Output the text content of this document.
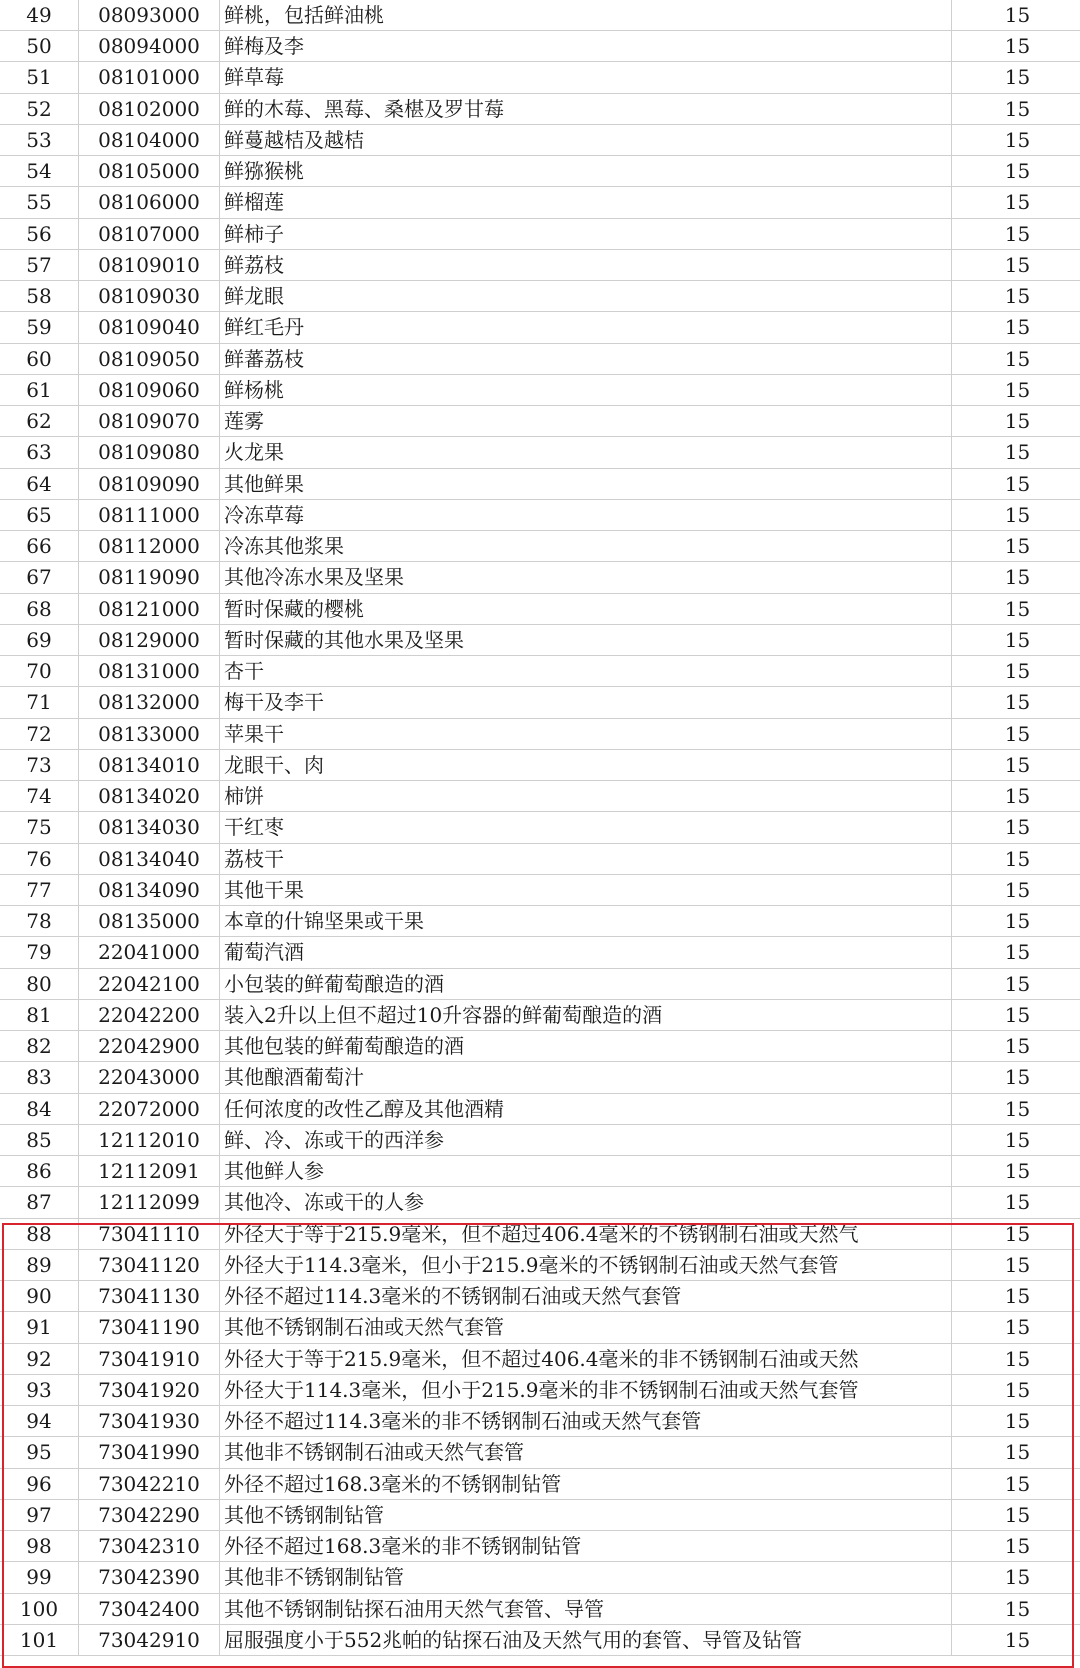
49	08093000	鲜桃，包括鲜油桃	15
50	08094000	鲜梅及李	15
51	08101000	鲜草莓	15
52	08102000	鲜的木莓、黑莓、桑椹及罗甘莓	15
53	08104000	鲜蔓越桔及越桔	15
54	08105000	鲜猕猴桃	15
55	08106000	鲜榴莲	15
56	08107000	鲜柿子	15
57	08109010	鲜荔枝	15
58	08109030	鲜龙眼	15
59	08109040	鲜红毛丹	15
60	08109050	鲜蕃荔枝	15
61	08109060	鲜杨桃	15
62	08109070	莲雾	15
63	08109080	火龙果	15
64	08109090	其他鲜果	15
65	08111000	冷冻草莓	15
66	08112000	冷冻其他浆果	15
67	08119090	其他冷冻水果及坚果	15
68	08121000	暂时保藏的樱桃	15
69	08129000	暂时保藏的其他水果及坚果	15
70	08131000	杏干	15
71	08132000	梅干及李干	15
72	08133000	苹果干	15
73	08134010	龙眼干、肉	15
74	08134020	柿饼	15
75	08134030	干红枣	15
76	08134040	荔枝干	15
77	08134090	其他干果	15
78	08135000	本章的什锦坚果或干果	15
79	22041000	葡萄汽酒	15
80	22042100	小包装的鲜葡萄酿造的酒	15
81	22042200	装入2升以上但不超过10升容器的鲜葡萄酿造的酒	15
82	22042900	其他包装的鲜葡萄酿造的酒	15
83	22043000	其他酿酒葡萄汁	15
84	22072000	任何浓度的改性乙醇及其他酒精	15
85	12112010	鲜、冷、冻或干的西洋参	15
86	12112091	其他鲜人参	15
87	12112099	其他冷、冻或干的人参	15
88	73041110	外径大于等于215.9毫米，但不超过406.4毫米的不锈钢制石油或天然气	15
89	73041120	外径大于114.3毫米，但小于215.9毫米的不锈钢制石油或天然气套管	15
90	73041130	外径不超过114.3毫米的不锈钢制石油或天然气套管	15
91	73041190	其他不锈钢制石油或天然气套管	15
92	73041910	外径大于等于215.9毫米，但不超过406.4毫米的非不锈钢制石油或天然	15
93	73041920	外径大于114.3毫米，但小于215.9毫米的非不锈钢制石油或天然气套管	15
94	73041930	外径不超过114.3毫米的非不锈钢制石油或天然气套管	15
95	73041990	其他非不锈钢制石油或天然气套管	15
96	73042210	外径不超过168.3毫米的不锈钢制钻管	15
97	73042290	其他不锈钢制钻管	15
98	73042310	外径不超过168.3毫米的非不锈钢制钻管	15
99	73042390	其他非不锈钢制钻管	15
100	73042400	其他不锈钢制钻探石油用天然气套管、导管	15
101	73042910	屈服强度小于552兆帕的钻探石油及天然气用的套管、导管及钻管	15
